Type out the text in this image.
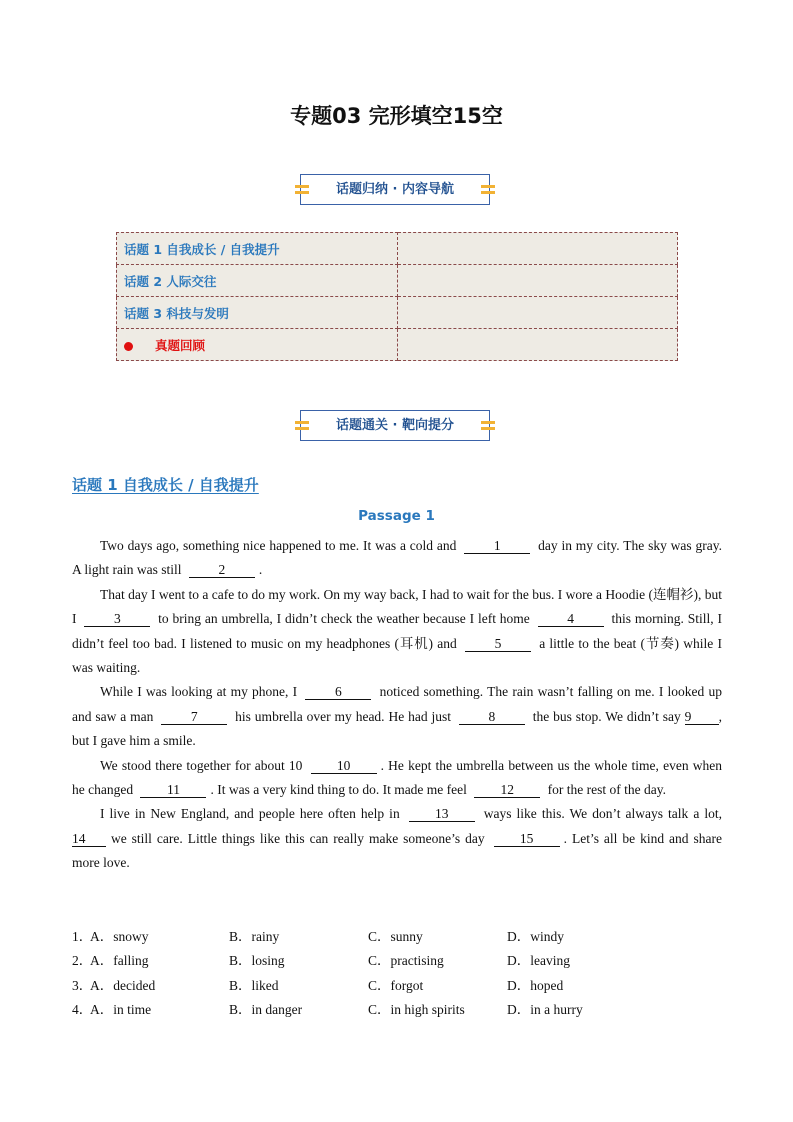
专题03 完形填空15空
话题归纳 · 内容导航
话题 1 自我成长 / 自我提升	
话题 2 人际交往	
话题 3 科技与发明	
真题回顾	
话题通关 · 靶向提分
话题 1 自我成长 / 自我提升
Passage 1

Two days ago, something nice happened to me. It was a cold and 1 day in my city. The sky was gray. A light rain was still 2 .

That day I went to a cafe to do my work. On my way back, I had to wait for the bus. I wore a Hoodie (连帽衫), but I 3 to bring an umbrella, I didn’t check the weather because I left home 4 this morning. Still, I didn’t feel too bad. I listened to music on my headphones (耳机) and 5 a little to the beat (节奏) while I was waiting.

While I was looking at my phone, I 6 noticed something. The rain wasn’t falling on me. I looked up and saw a man 7 his umbrella over my head. He had just 8 the bus stop. We didn’t say 9 , but I gave him a smile.

We stood there together for about 10 10 . He kept the umbrella between us the whole time, even when he changed 11 . It was a very kind thing to do. It made me feel 12 for the rest of the day.

I live in New England, and people here often help in 13 ways like this. We don’t always talk a lot, 14 we still care. Little things like this can really make someone’s day 15 . Let’s all be kind and share more love.

1．
A．snowy	B．rainy	C．sunny	D．windy
2．
A．falling	B．losing	C．practising	D．leaving
3．
A．decided	B．liked	C．forgot	D．hoped
4．
A．in time	B．in danger	C．in high spirits	D．in a hurry
